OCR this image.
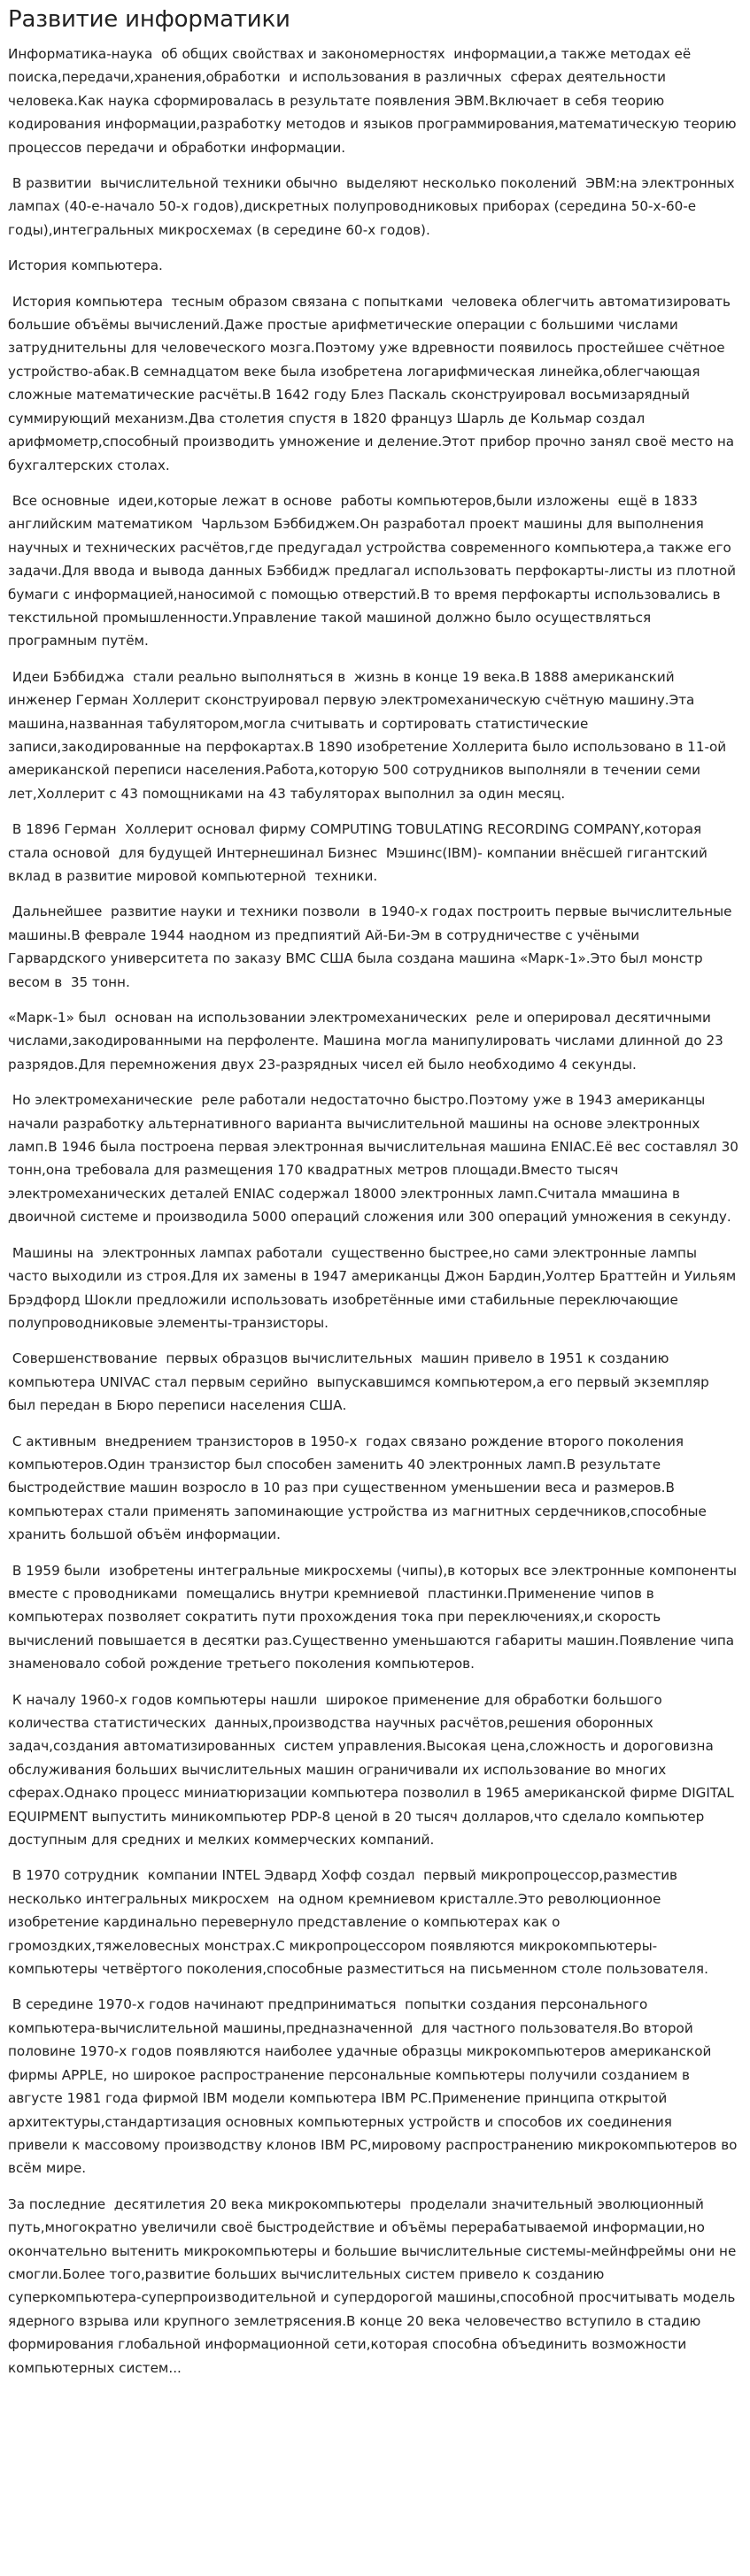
Развитие информатики

Информатика-наука  об общих свойствах и закономерностях  информации,а также методах её поиска,передачи,хранения,обработки  и использования в различных  сферах деятельности человека.Как наука сформировалась в результате появления ЭВМ.Включает в себя теорию кодирования информации,разработку методов и языков программирования,математическую теорию процессов передачи и обработки информации.

В развитии  вычислительной техники обычно  выделяют несколько поколений  ЭВМ:на электронных лампах (40-е-начало 50-х годов),дискретных полупроводниковых приборах (середина 50-х-60-е годы),интегральных микросхемах (в середине 60-х годов).

История компьютера.

История компьютера  тесным образом связана с попытками  человека облегчить автоматизировать  большие объёмы вычислений.Даже простые арифметические операции с большими числами затруднительны для человеческого мозга.Поэтому уже вдревности появилось простейшее счётное устройство-абак.В семнадцатом веке была изобретена логарифмическая линейка,облегчающая сложные математические расчёты.В 1642 году Блез Паскаль сконструировал восьмизарядный суммирующий механизм.Два столетия спустя в 1820 француз Шарль де Кольмар создал арифмометр,способный производить умножение и деление.Этот прибор прочно занял своё место на бухгалтерских столах.

Все основные  идеи,которые лежат в основе  работы компьютеров,были изложены  ещё в 1833 английским математиком  Чарльзом Бэббиджем.Он разработал проект машины для выполнения научных и технических расчётов,где предугадал устройства современного компьютера,а также его задачи.Для ввода и вывода данных Бэббидж предлагал использовать перфокарты-листы из плотной бумаги с информацией,наносимой с помощью отверстий.В то время перфокарты использовались в текстильной промышленности.Управление такой машиной должно было осуществляться програмным путём.

Идеи Бэббиджа  стали реально выполняться в  жизнь в конце 19 века.В 1888 американский инженер Герман Холлерит сконструировал первую электромеханическую счётную машину.Эта машина,названная табулятором,могла считывать и сортировать статистические записи,закодированные на перфокартах.В 1890 изобретение Холлерита было использовано в 11-ой американской переписи населения.Работа,которую 500 сотрудников выполняли в течении семи лет,Холлерит с 43 помощниками на 43 табуляторах выполнил за один месяц.

В 1896 Герман  Холлерит основал фирму COMPUTING TOBULATING RECORDING COMPANY,которая стала основой  для будущей Интернешинал Бизнес  Мэшинс(IBM)- компании внёсшей гигантский  вклад в развитие мировой компьютерной  техники.

Дальнейшее  развитие науки и техники позволи  в 1940-х годах построить первые вычислительные машины.В феврале 1944 наодном из предпиятий Ай-Би-Эм в сотрудничестве с учёными Гарвардского университета по заказу ВМС США была создана машина «Марк-1».Это был монстр весом в  35 тонн.

«Марк-1» был  основан на использовании электромеханических  реле и оперировал десятичными числами,закодированными на перфоленте. Машина могла манипулировать числами длинной до 23 разрядов.Для перемножения двух 23-разрядных чисел ей было необходимо 4 секунды.

Но электромеханические  реле работали недостаточно быстро.Поэтому уже в 1943 американцы начали разработку альтернативного варианта вычислительной машины на основе электронных ламп.В 1946 была построена первая электронная вычислительная машина ENIAC.Её вес составлял 30 тонн,она требовала для размещения 170 квадратных метров площади.Вместо тысяч электромеханических деталей ENIAC содержал 18000 электронных ламп.Считала ммашина в двоичной системе и производила 5000 операций сложения или 300 операций умножения в секунду.

Машины на  электронных лампах работали  существенно быстрее,но сами электронные лампы часто выходили из строя.Для их замены в 1947 американцы Джон Бардин,Уолтер Браттейн и Уильям Брэдфорд Шокли предложили использовать изобретённые ими стабильные переключающие полупроводниковые элементы-транзисторы.

Совершенствование  первых образцов вычислительных  машин привело в 1951 к созданию компьютера UNIVAC стал первым серийно  выпускавшимся компьютером,а его первый экземпляр был передан в Бюро переписи населения США.

С активным  внедрением транзисторов в 1950-х  годах связано рождение второго поколения компьютеров.Один транзистор был способен заменить 40 электронных ламп.В результате быстродействие машин возросло в 10 раз при существенном уменьшении веса и размеров.В компьютерах стали применять запоминающие устройства из магнитных сердечников,способные хранить большой объём информации.

В 1959 были  изобретены интегральные микросхемы (чипы),в которых все электронные компоненты вместе с проводниками  помещались внутри кремниевой  пластинки.Применение чипов в компьютерах позволяет сократить пути прохождения тока при переключениях,и скорость вычислений повышается в десятки раз.Существенно уменьшаются габариты машин.Появление чипа знаменовало собой рождение третьего поколения компьютеров.

К началу 1960-х годов компьютеры нашли  широкое применение для обработки большого количества статистических  данных,производства научных расчётов,решения оборонных задач,создания автоматизированных  систем управления.Высокая цена,сложность и дороговизна обслуживания больших вычислительных машин ограничивали их использование во многих сферах.Однако процесс миниатюризации компьютера позволил в 1965 американской фирме DIGITAL EQUIPMENT выпустить миникомпьютер PDP-8 ценой в 20 тысяч долларов,что сделало компьютер доступным для средних и мелких коммерческих компаний.

В 1970 сотрудник  компании INTEL Эдвард Хофф создал  первый микропроцессор,разместив несколько интегральных микросхем  на одном кремниевом кристалле.Это революционное изобретение кардинально перевернуло представление о компьютерах как о громоздких,тяжеловесных монстрах.С микропроцессором появляются микрокомпьютеры-компьютеры четвёртого поколения,способные разместиться на письменном столе пользователя.

В середине 1970-х годов начинают предприниматься  попытки создания персонального компьютера-вычислительной машины,предназначенной  для частного пользователя.Во второй половине 1970-х годов появляются наиболее удачные образцы микрокомпьютеров американской фирмы APPLE, но широкое распространение персональные компьютеры получили созданием в августе 1981 года фирмой IBM модели компьютера IBM PC.Применение принципа открытой архитектуры,стандартизация основных компьютерных устройств и способов их соединения  привели к массовому производству клонов IBM PC,мировому распространению микрокомпьютеров во всём мире.

За последние  десятилетия 20 века микрокомпьютеры  проделали значительный эволюционный путь,многократно увеличили своё быстродействие и объёмы перерабатываемой информации,но окончательно вытенить микрокомпьютеры и большие вычислительные системы-мейнфреймы они не смогли.Более того,развитие больших вычислительных систем привело к созданию суперкомпьютера-суперпроизводительной и супердорогой машины,способной просчитывать модель ядерного взрыва или крупного землетрясения.В конце 20 века человечество вступило в стадию формирования глобальной информационной сети,которая способна объединить возможности компьютерных систем...
